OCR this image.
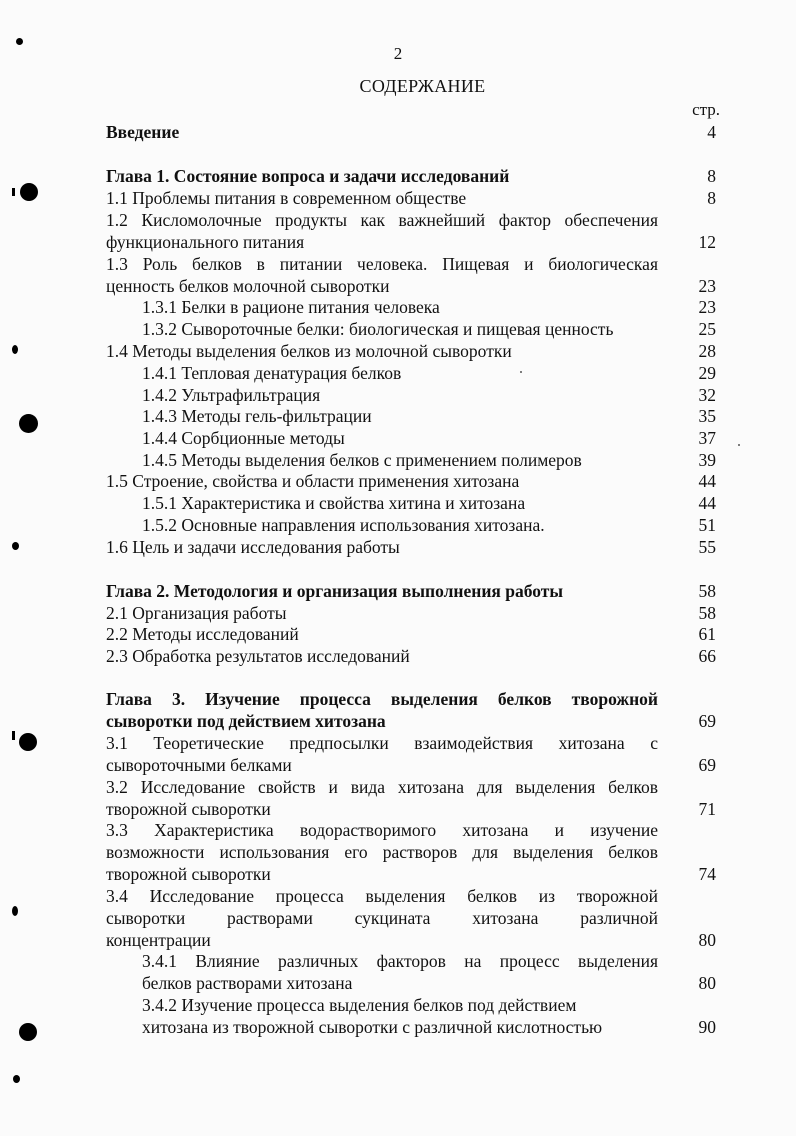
2
СОДЕРЖАНИЕ
стр.
Введение	4
Глава 1. Состояние вопроса и задачи исследований	8
1.1 Проблемы питания в современном обществе	8
1.2 Кисломолочные продукты как важнейший фактор обеспечения
функционального питания	12
1.3 Роль белков в питании человека. Пищевая и биологическая
ценность белков молочной сыворотки	23
1.3.1 Белки в рационе питания человека	23
1.3.2 Сывороточные белки: биологическая и пищевая ценность	25
1.4 Методы выделения белков из молочной сыворотки	28
1.4.1 Тепловая денатурация белков	29
1.4.2 Ультрафильтрация	32
1.4.3 Методы гель-фильтрации	35
1.4.4 Сорбционные методы	37
1.4.5 Методы выделения белков с применением полимеров	39
1.5 Строение, свойства и области применения хитозана	44
1.5.1 Характеристика и свойства хитина и хитозана	44
1.5.2 Основные направления использования хитозана.	51
1.6 Цель и задачи исследования работы	55
Глава 2. Методология и организация выполнения работы	58
2.1 Организация работы	58
2.2 Методы исследований	61
2.3 Обработка результатов исследований	66
Глава 3. Изучение процесса выделения белков творожной
сыворотки под действием хитозана	69
3.1 Теоретические предпосылки взаимодействия хитозана с
сывороточными белками	69
3.2 Исследование свойств и вида хитозана для выделения белков
творожной сыворотки	71
3.3 Характеристика водорастворимого хитозана и изучение
возможности использования его растворов для выделения белков
творожной сыворотки	74
3.4 Исследование процесса выделения белков из творожной
сыворотки растворами сукцината хитозана различной
концентрации	80
3.4.1 Влияние различных факторов на процесс выделения
белков растворами хитозана	80
3.4.2 Изучение процесса выделения белков под действием
хитозана из творожной сыворотки с различной кислотностью	90
